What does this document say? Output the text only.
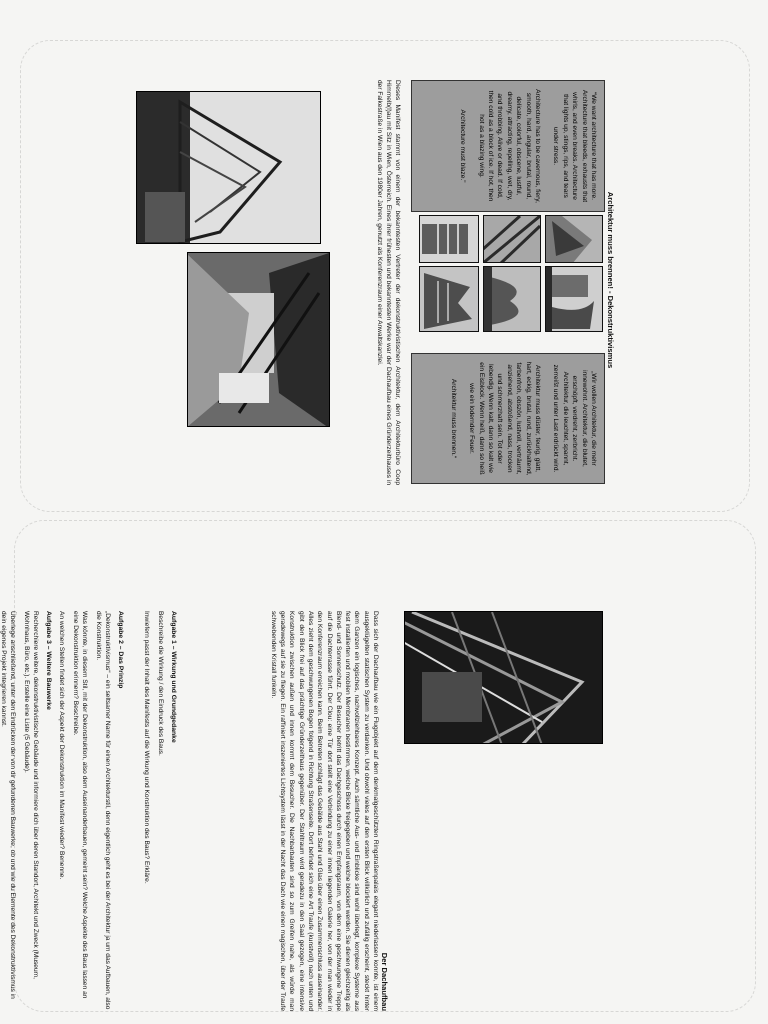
Architektur muss brennen! - Dekonstruktivismus

“We want architecture that has more. Architecture that bleeds, exhausts that whirls, and even breaks. Architecture that lights up, stings, rips, and tears under stress.

Architecture has to be cavernous, fiery, smooth, hard, angular, brutal, round, delicate, colorful, obscene, lustful, dreamy, attracting, repelling, wet, dry, and throbbing. Alive or dead. If cold, then cold as a block of ice. If hot, then hot as a blazing wing.

Architecture must blaze.”

„Wir wollen Architektur, die mehr innewohnt. Architektur, die blutet, erschöpft, verdreht, zerbricht. Architektur, die leuchtet, spannt, zerreißt und unter Last erdrückt wird.

Architektur muss düster, feurig, glatt, hart, eckig, brutal, rund, zurückhaltend, farbenfroh, obszön, lustvoll, verträumt, anziehend, abstoßend, nass, trocken und schmerzhaft sein. Tot oder lebendig. Wenn kalt, dann so kalt wie ein Eisblock. Wenn heiß, dann so heiß wie ein lodernder Feuer.

Architektur muss brennen.“

Dieses Manifest stammt von einem der bekanntesten Vertreter der dekonstruktivistischen Architektur, dem Architekturbüro Coop Himmelb(l)au mit Sitz in Wien, Österreich. Eines ihrer frühesten und bekanntesten Werke war der Dachaufbau eines Gründerzeithauses in der Falkestraße in Wien aus den 1980er Jahren, genutzt als Konferenzraum einer Anwaltskanzlei.
Der Dachaufbau
Dass sich der Dachaufbau wie ein Flugobjekt auf dem denkmalgeschützten Ringstraßenpalais elegant niederlassen konnte, ist einem ausgeklügelten statischen System zu verdanken. Und obwohl vieles auf den ersten Blick willkürlich und zufällig erscheint, steckt hinter dem Ganzen ein logisches, nachvollziehbares Konzept. Auch sämtliche Aus- und Einblicke sind wohl überlegt, komplexe Systeme aus fest installierten und mobilen Membranen bestimmen, welche Blicke freigegeben und welche blockiert werden. Sie dienen gleichzeitig als Blend- und Sonnenschutz. Der Besucher betritt das Dachgeschoss durch einen Empfangsraum, von dem eine geschwungene Treppe auf die Dachterrasse führt. Der Clou: eine Tür dort stellt eine Verbindung zu einer innen liegenden Galerie her, von der man wieder in den Konferenzraum erreichen kann. Beim Betreten schlägt das Gebälde aus Stahl und Glas über einen Zusammenschluss auseinander. Alles zieht dem geschwungenen Bogen folgend in Richtung Straßenseite. Dort befindet sich eine Art Traufe (kunstvoll) nach unten und gibt den Blick frei auf das prächtige Gründerzeithaus gegenüber. Der Stahltraum wird geradezu in den Saal gezogen, eine intensive Konstruktion zwischen außen und innen kommt dem Besucher. Die Nachbarbauten sind so zum Greifen nahe, als würde man geradewegs auf sie zu fliegen. Ein raffiniert inszeniertes Lichtsystem lässt in der Nacht das Dach wie einen magischen, über der Traufe schwebenden Kristall funkeln.
Aufgabe 1 – Wirkung und Grundgedanke

Beschreibe die Wirkung / den Eindruck des Baus.

Inwiefern passt der Inhalt des Manifests auf die Wirkung und Konstruktion des Baus? Erkläre.

Aufgabe 2 – Das Prinzip

„Dekonstruktivismus“ – ein seltsamer Name für einen Architekturstil, denn eigentlich geht es bei der Architektur ja um das Aufbauen, also die Konstruktion.

Was könnte, in diesem Stil, mit der Dekonstruktion, also dem Auseinanderbauen, gemeint sein? Welche Aspekte des Baus lassen an eine Dekonstruktion erinnern? Beschreibe.

An welchen Stellen findet sich der Aspekt der Dekonstruktion im Manifest wieder? Benenne.

Aufgabe 3 – Weitere Bauwerke

Recherchiere weitere, dekonstruktivistische Gebäude und informiere dich über deren Standort, Architekt und Zweck (Museum, Wohnhaus, Büro, etc.). Erstelle eine Liste (5 Gebäude).

Überlege anschließend, unter den Eindrücken der von dir gefundenen Bauwerke, ob und wie du Elemente des Dekonstruktivismus in dein eigenes Projekt integrieren kannst.
